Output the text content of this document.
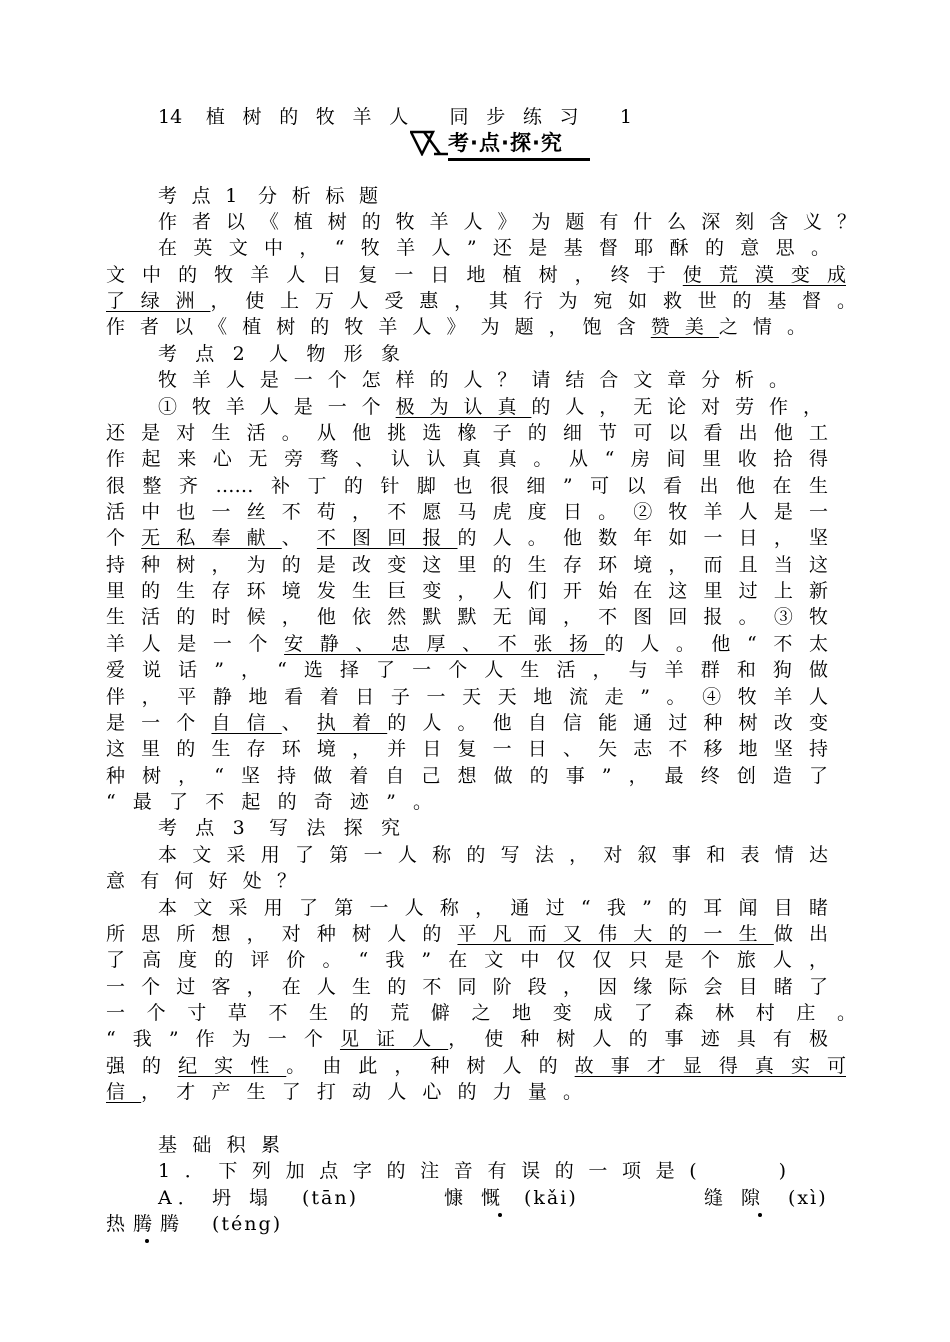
14 植树的牧羊人 同步练习 1
考·点·探·究
考点1 分析标题
作者以《植树的牧羊人》为题有什么深刻含义？
在英文中，“牧羊人”还是基督耶酥的意思。
文中的牧羊人日复一日地植树，终于使荒漠变成
了绿洲，使上万人受惠，其行为宛如救世的基督。
作者以《植树的牧羊人》为题，饱含赞美之情。
考点2 人物形象
牧羊人是一个怎样的人？请结合文章分析。
①牧羊人是一个极为认真的人，无论对劳作，
还是对生活。从他挑选橡子的细节可以看出他工
作起来心无旁骛、认认真真。从“房间里收拾得
很整齐……补丁的针脚也很细”可以看出他在生
活中也一丝不苟，不愿马虎度日。②牧羊人是一
个无私奉献、不图回报的人。他数年如一日，坚
持种树，为的是改变这里的生存环境，而且当这
里的生存环境发生巨变，人们开始在这里过上新
生活的时候，他依然默默无闻，不图回报。③牧
羊人是一个安静、忠厚、不张扬的人。他“不太
爱说话”，“选择了一个人生活，与羊群和狗做
伴，平静地看着日子一天天地流走”。④牧羊人
是一个自信、执着的人。他自信能通过种树改变
这里的生存环境，并日复一日、矢志不移地坚持
种树，“坚持做着自己想做的事”，最终创造了
“最了不起的奇迹”。
考点3 写法探究
本文采用了第一人称的写法，对叙事和表情达
意有何好处？
本文采用了第一人称，通过“我”的耳闻目睹
所思所想，对种树人的平凡而又伟大的一生做出
了高度的评价。“我”在文中仅仅只是个旅人，
一个过客，在人生的不同阶段，因缘际会目睹了
一个寸草不生的荒僻之地变成了森林村庄。
“我”作为一个见证人，使种树人的事迹具有极
强的纪实性。由此，种树人的故事才显得真实可
信，才产生了打动人心的力量。
基础积累
1．下列加点字的注音有误的一项是(　　)
A． 坍塌 (tān)	慷慨 (kǎi)	缝隙 (xì)
热腾腾 (téng)
